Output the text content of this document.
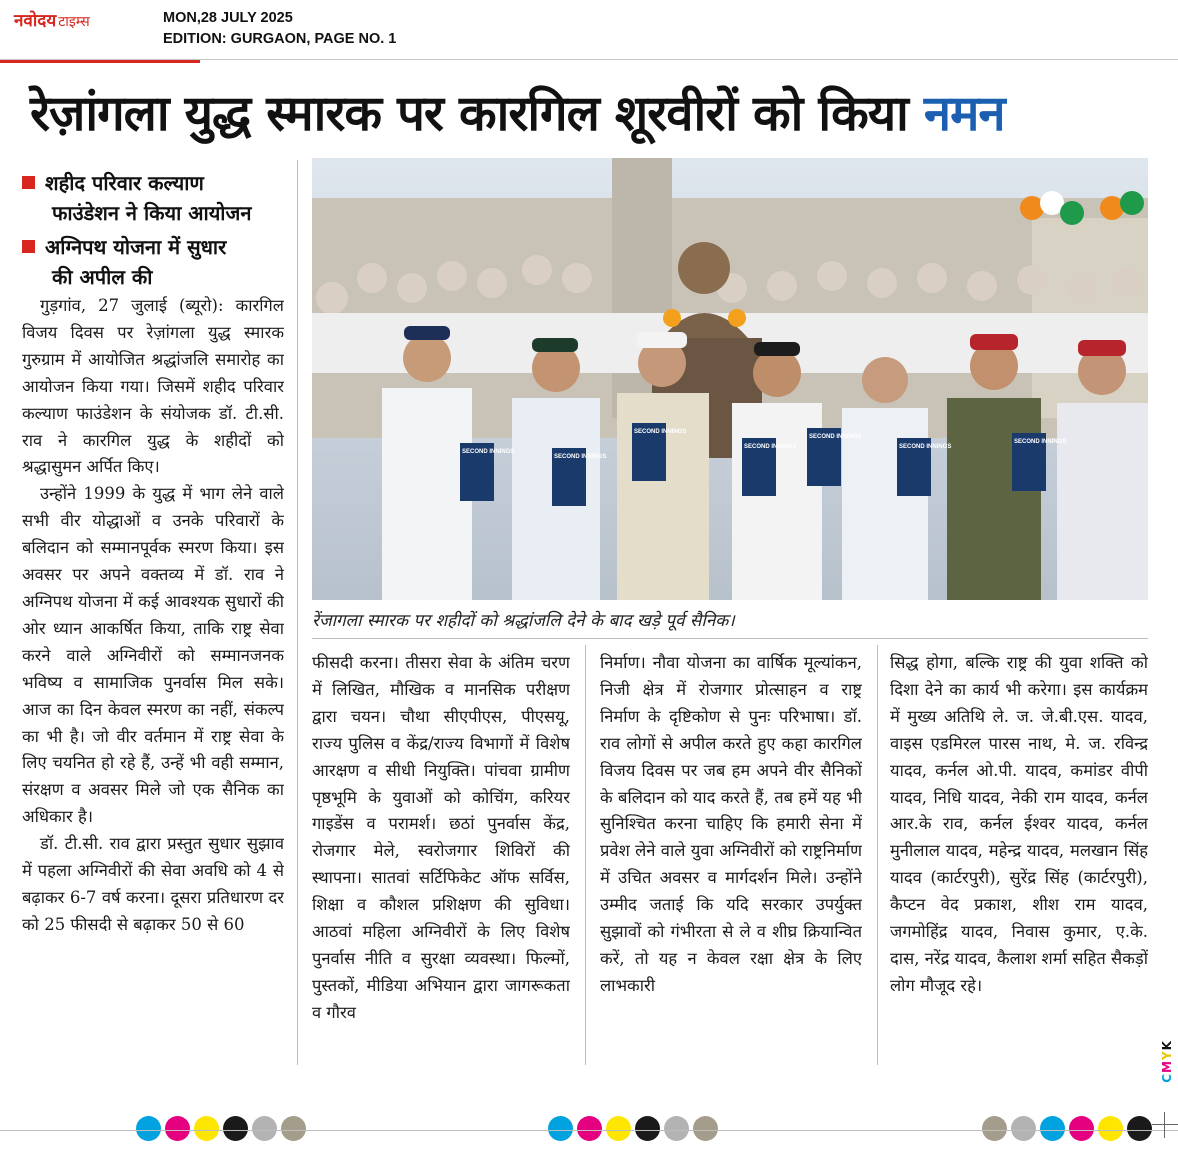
नवोदय टाइम्स	MON,28 JULY 2025
EDITION: GURGAON, PAGE NO. 1
रेज़ांगला युद्ध स्मारक पर कारगिल शूरवीरों को किया नमन
शहीद परिवार कल्याण
फाउंडेशन ने किया आयोजन
अग्निपथ योजना में सुधार
की अपील की

गुड़गांव, 27 जुलाई (ब्यूरो): कारगिल विजय दिवस पर रेज़ांगला युद्ध स्मारक गुरुग्राम में आयोजित श्रद्धांजलि समारोह का आयोजन किया गया। जिसमें शहीद परिवार कल्याण फाउंडेशन के संयोजक डॉ. टी.सी. राव ने कारगिल युद्ध के शहीदों को श्रद्धासुमन अर्पित किए।

उन्होंने 1999 के युद्ध में भाग लेने वाले सभी वीर योद्धाओं व उनके परिवारों के बलिदान को सम्मानपूर्वक स्मरण किया। इस अवसर पर अपने वक्तव्य में डॉ. राव ने अग्निपथ योजना में कई आवश्यक सुधारों की ओर ध्यान आकर्षित किया, ताकि राष्ट्र सेवा करने वाले अग्निवीरों को सम्मानजनक भविष्य व सामाजिक पुनर्वास मिल सके। आज का दिन केवल स्मरण का नहीं, संकल्प का भी है। जो वीर वर्तमान में राष्ट्र सेवा के लिए चयनित हो रहे हैं, उन्हें भी वही सम्मान, संरक्षण व अवसर मिले जो एक सैनिक का अधिकार है।

डॉ. टी.सी. राव द्वारा प्रस्तुत सुधार सुझाव में पहला अग्निवीरों की सेवा अवधि को 4 से बढ़ाकर 6-7 वर्ष करना। दूसरा प्रतिधारण दर को 25 फीसदी से बढ़ाकर 50 से 60

SECOND INNINGS
SECOND INNINGS
SECOND INNINGS
SECOND INNINGS
SECOND INNINGS
SECOND INNINGS
SECOND INNINGS
रेंजागला स्मारक पर शहीदों को श्रद्धांजलि देने के बाद खड़े पूर्व सैनिक।

फीसदी करना। तीसरा सेवा के अंतिम चरण में लिखित, मौखिक व मानसिक परीक्षण द्वारा चयन। चौथा सीएपीएस, पीएसयू, राज्य पुलिस व केंद्र/राज्य विभागों में विशेष आरक्षण व सीधी नियुक्ति। पांचवा ग्रामीण पृष्ठभूमि के युवाओं को कोचिंग, करियर गाइडेंस व परामर्श। छठां पुनर्वास केंद्र, रोजगार मेले, स्वरोजगार शिविरों की स्थापना। सातवां सर्टिफिकेट ऑफ सर्विस, शिक्षा व कौशल प्रशिक्षण की सुविधा। आठवां महिला अग्निवीरों के लिए विशेष पुनर्वास नीति व सुरक्षा व्यवस्था। फिल्मों, पुस्तकों, मीडिया अभियान द्वारा जागरूकता व गौरव

निर्माण। नौवा योजना का वार्षिक मूल्यांकन, निजी क्षेत्र में रोजगार प्रोत्साहन व राष्ट्र निर्माण के दृष्टिकोण से पुनः परिभाषा। डॉ. राव लोगों से अपील करते हुए कहा कारगिल विजय दिवस पर जब हम अपने वीर सैनिकों के बलिदान को याद करते हैं, तब हमें यह भी सुनिश्चित करना चाहिए कि हमारी सेना में प्रवेश लेने वाले युवा अग्निवीरों को राष्ट्रनिर्माण में उचित अवसर व मार्गदर्शन मिले। उन्होंने उम्मीद जताई कि यदि सरकार उपर्युक्त सुझावों को गंभीरता से ले व शीघ्र क्रियान्वित करें, तो यह न केवल रक्षा क्षेत्र के लिए लाभकारी

सिद्ध होगा, बल्कि राष्ट्र की युवा शक्ति को दिशा देने का कार्य भी करेगा। इस कार्यक्रम में मुख्य अतिथि ले. ज. जे.बी.एस. यादव, वाइस एडमिरल पारस नाथ, मे. ज. रविन्द्र यादव, कर्नल ओ.पी. यादव, कमांडर वीपी यादव, निधि यादव, नेकी राम यादव, कर्नल आर.के राव, कर्नल ईश्वर यादव, कर्नल मुनीलाल यादव, महेन्द्र यादव, मलखान सिंह यादव (कार्टरपुरी), सुरेंद्र सिंह (कार्टरपुरी), कैप्टन वेद प्रकाश, शीश राम यादव, जगमोहिंद्र यादव, निवास कुमार, ए.के. दास, नरेंद्र यादव, कैलाश शर्मा सहित सैकड़ों लोग मौजूद रहे।

CMYK
